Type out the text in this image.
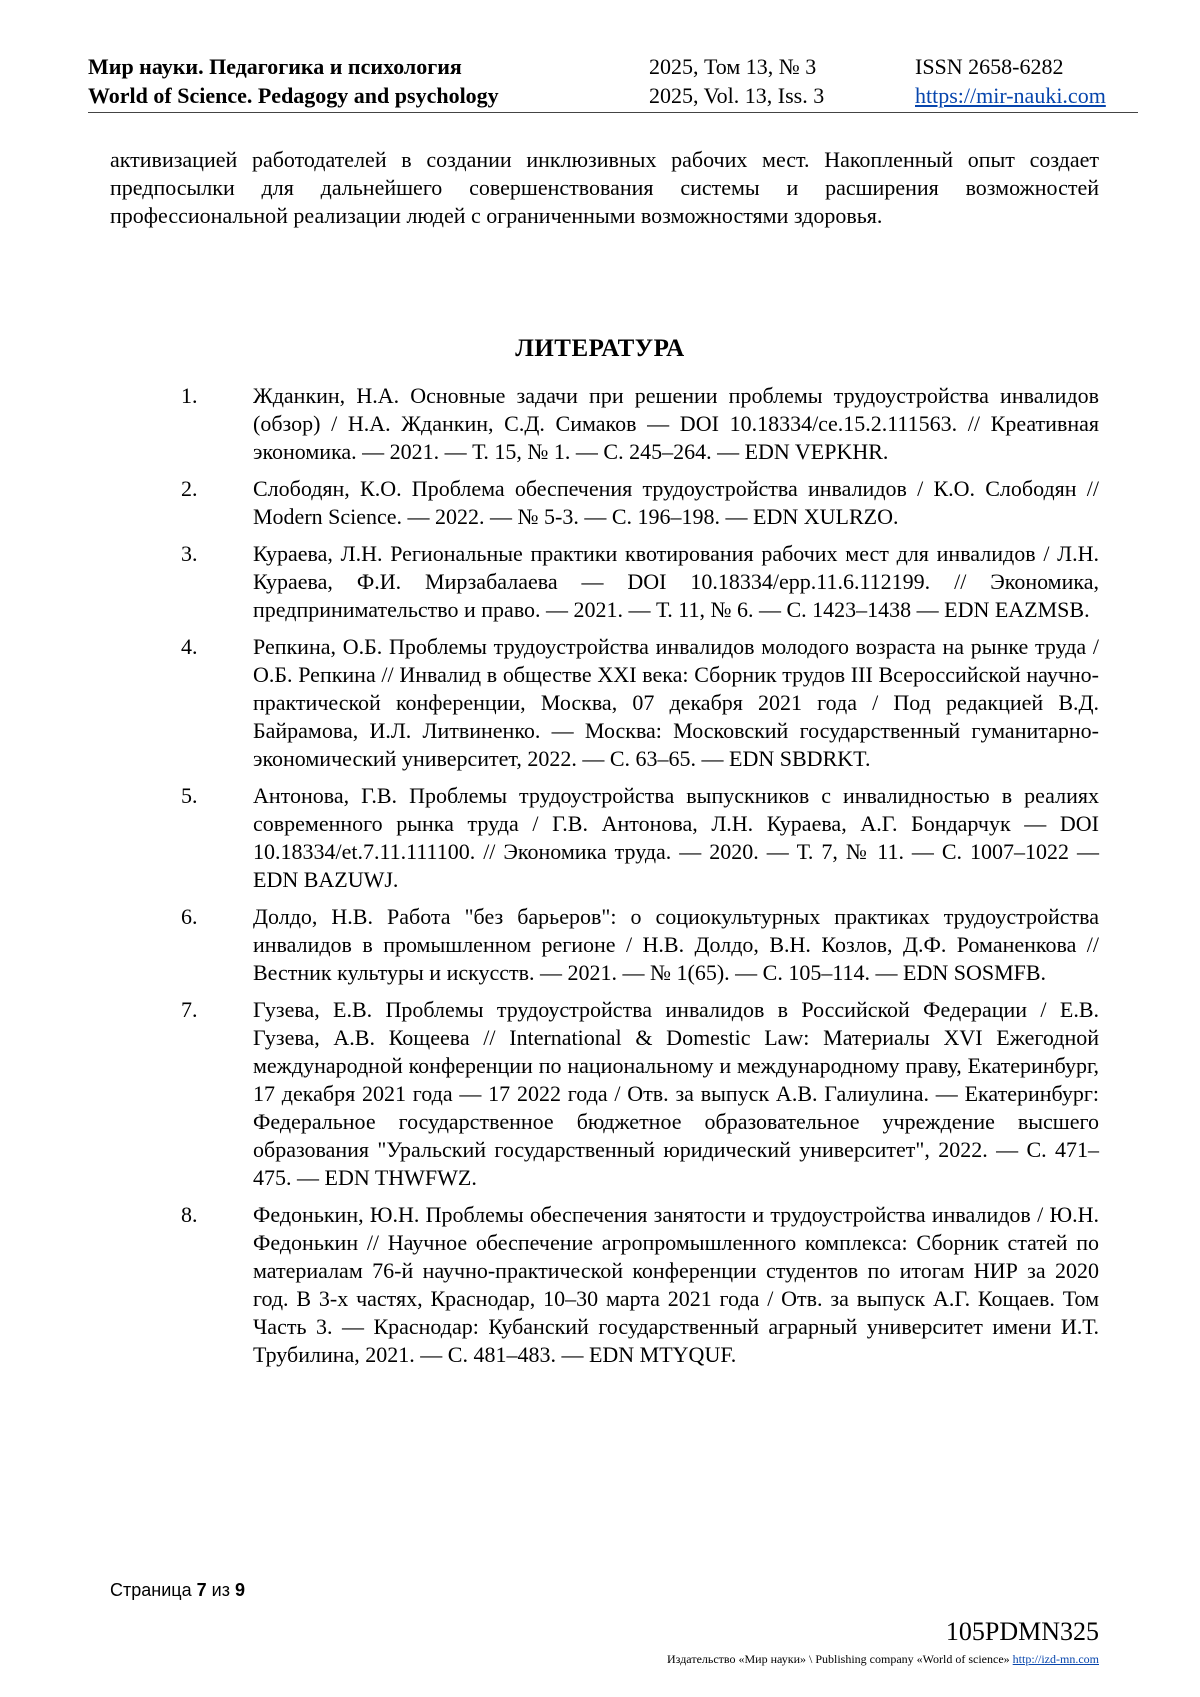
Мир науки. Педагогика и психология
World of Science. Pedagogy and psychology
2025, Том 13, № 3
2025, Vol. 13, Iss. 3
ISSN 2658-6282
https://mir-nauki.com
активизацией работодателей в создании инклюзивных рабочих мест. Накопленный опыт создает предпосылки для дальнейшего совершенствования системы и расширения возможностей профессиональной реализации людей с ограниченными возможностями здоровья.
ЛИТЕРАТУРА
1.	Жданкин, Н.А. Основные задачи при решении проблемы трудоустройства инвалидов (обзор) / Н.А. Жданкин, С.Д. Симаков — DOI 10.18334/ce.15.2.111563. // Креативная экономика. — 2021. — Т. 15, № 1. — С. 245–264. — EDN VEPKHR.
2.	Слободян, К.О. Проблема обеспечения трудоустройства инвалидов / К.О. Слободян // Modern Science. — 2022. — № 5-3. — С. 196–198. — EDN XULRZO.
3.	Кураева, Л.Н. Региональные практики квотирования рабочих мест для инвалидов / Л.Н. Кураева, Ф.И. Мирзабалаева — DOI 10.18334/epp.11.6.112199. // Экономика, предпринимательство и право. — 2021. — Т. 11, № 6. — С. 1423–1438 — EDN EAZMSB.
4.	Репкина, О.Б. Проблемы трудоустройства инвалидов молодого возраста на рынке труда / О.Б. Репкина // Инвалид в обществе XXI века: Сборник трудов III Всероссийской научно-практической конференции, Москва, 07 декабря 2021 года / Под редакцией В.Д. Байрамова, И.Л. Литвиненко. — Москва: Московский государственный гуманитарно-экономический университет, 2022. — С. 63–65. — EDN SBDRKT.
5.	Антонова, Г.В. Проблемы трудоустройства выпускников с инвалидностью в реалиях современного рынка труда / Г.В. Антонова, Л.Н. Кураева, А.Г. Бондарчук — DOI 10.18334/et.7.11.111100. // Экономика труда. — 2020. — Т. 7, № 11. — С. 1007–1022 — EDN BAZUWJ.
6.	Долдо, Н.В. Работа "без барьеров": о социокультурных практиках трудоустройства инвалидов в промышленном регионе / Н.В. Долдо, В.Н. Козлов, Д.Ф. Романенкова // Вестник культуры и искусств. — 2021. — № 1(65). — С. 105–114. — EDN SOSMFB.
7.	Гузева, Е.В. Проблемы трудоустройства инвалидов в Российской Федерации / Е.В. Гузева, А.В. Кощеева // International & Domestic Law: Материалы XVI Ежегодной международной конференции по национальному и международному праву, Екатеринбург, 17 декабря 2021 года — 17 2022 года / Отв. за выпуск А.В. Галиулина. — Екатеринбург: Федеральное государственное бюджетное образовательное учреждение высшего образования "Уральский государственный юридический университет", 2022. — С. 471–475. — EDN THWFWZ.
8.	Федонькин, Ю.Н. Проблемы обеспечения занятости и трудоустройства инвалидов / Ю.Н. Федонькин // Научное обеспечение агропромышленного комплекса: Сборник статей по материалам 76-й научно-практической конференции студентов по итогам НИР за 2020 год. В 3-х частях, Краснодар, 10–30 марта 2021 года / Отв. за выпуск А.Г. Кощаев. Том Часть 3. — Краснодар: Кубанский государственный аграрный университет имени И.Т. Трубилина, 2021. — С. 481–483. — EDN MTYQUF.
Страница 7 из 9
105PDMN325
Издательство «Мир науки» \ Publishing company «World of science» http://izd-mn.com
